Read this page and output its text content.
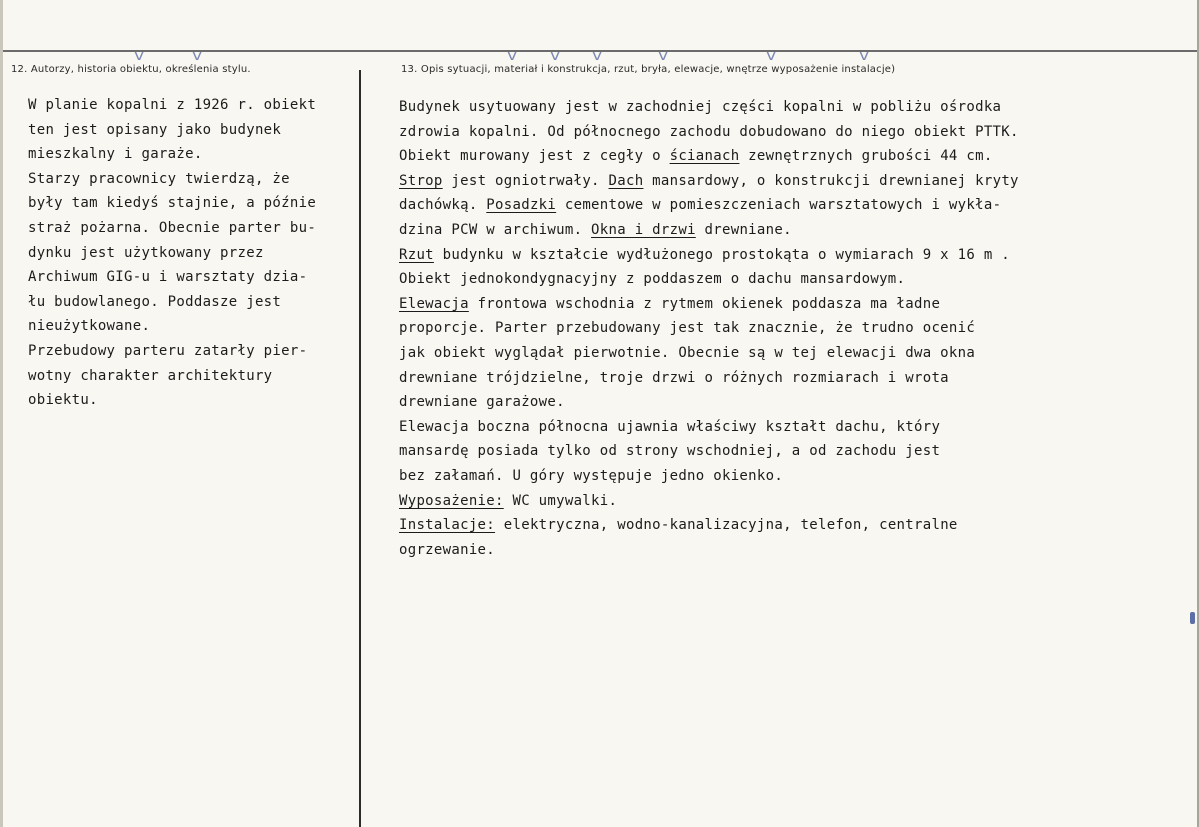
v	v	v v v	v	v	v
12. Autorzy, historia obiektu, określenia stylu.	13. Opis sytuacji, materiał i konstrukcja, rzut, bryła, elewacje, wnętrze wyposażenie instalacje)
W planie kopalni z 1926 r. obiekt
ten jest opisany jako budynek
mieszkalny i garaże.
Starzy pracownicy twierdzą, że
były tam kiedyś stajnie, a późnie
straż pożarna. Obecnie parter bu-
dynku jest użytkowany przez
Archiwum GIG-u i warsztaty dzia-
łu budowlanego. Poddasze jest
nieużytkowane.
Przebudowy parteru zatarły pier-
wotny charakter architektury
obiektu.
Budynek usytuowany jest w zachodniej części kopalni w pobliżu ośrodka
zdrowia kopalni. Od północnego zachodu dobudowano do niego obiekt PTTK.
Obiekt murowany jest z cegły o ścianach zewnętrznych grubości 44 cm.
Strop jest ogniotrwały. Dach mansardowy, o konstrukcji drewnianej kryty
dachówką. Posadzki cementowe w pomieszczeniach warsztatowych i wykła-
dzina PCW w archiwum. Okna i drzwi drewniane.
Rzut budynku w kształcie wydłużonego prostokąta o wymiarach 9 x 16 m .
Obiekt jednokondygnacyjny z poddaszem o dachu mansardowym.
Elewacja frontowa wschodnia z rytmem okienek poddasza ma ładne
proporcje. Parter przebudowany jest tak znacznie, że trudno ocenić
jak obiekt wyglądał pierwotnie. Obecnie są w tej elewacji dwa okna
drewniane trójdzielne, troje drzwi o różnych rozmiarach i wrota
drewniane garażowe.
Elewacja boczna północna ujawnia właściwy kształt dachu, który
mansardę posiada tylko od strony wschodniej, a od zachodu jest
bez załamań. U góry występuje jedno okienko.
Wyposażenie: WC umywalki.
Instalacje: elektryczna, wodno-kanalizacyjna, telefon, centralne
ogrzewanie.
